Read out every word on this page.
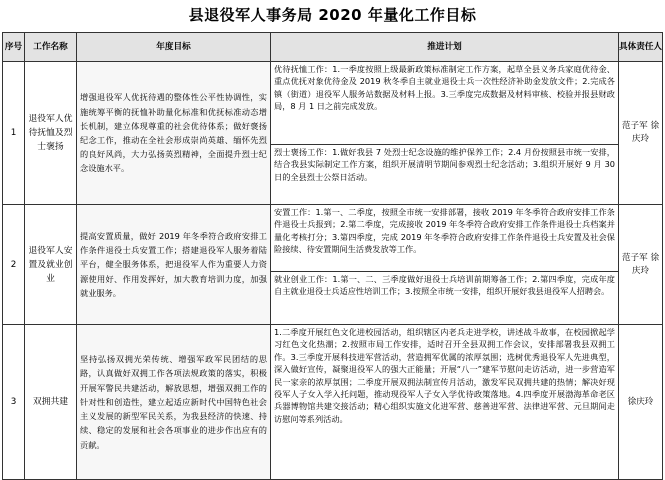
县退役军人事务局 2020 年量化工作目标
序号	工作名称	年度目标	推进计划	具体责任人
1	退役军人优待抚恤及烈士褒扬	增强退役军人优抚待遇的整体性公平性协调性，实施统筹平衡的抚恤补助量化标准和优抚标准动态增长机制，建立体现尊重的社会优待体系；做好褒扬纪念工作，推动在全社会形成崇尚英雄、缅怀先烈的良好风尚，大力弘扬英烈精神，全面提升烈士纪念设施水平。	优待抚恤工作：1.一季度按照上级最新政策标准制定工作方案，起草全县义务兵家庭优待金、重点优抚对象优待金及 2019 秋冬季自主就业退役士兵一次性经济补助金发放文件；2.完成各镇（街道）退役军人服务站数据及材料上报。3.三季度完成数据及材料审核、校验并报县财政局，8 月 1 日之前完成发放。
烈士褒扬工作：1.做好我县 7 处烈士纪念设施的维护保养工作；2.4 月份按照县市统一安排，结合我县实际制定工作方案，组织开展清明节期间参观烈士纪念活动；3.组织开展好 9 月 30 日的全县烈士公祭日活动。	范子军 徐庆玲
2	退役军人安置及就业创业	提高安置质量，做好 2019 年冬季符合政府安排工作条件退役士兵安置工作；搭建退役军人服务着陆平台，健全服务体系，把退役军人作为重要人力资源使用好、作用发挥好，加大教育培训力度，加强就业服务。	安置工作：1.第一、二季度，按照全市统一安排部署，接收 2019 年冬季符合政府安排工作条件退役士兵报到；2.第二季度，完成接收 2019 年冬季符合政府安排工作条件退役士兵档案并量化考核打分；3.第四季度，完成 2019 年冬季符合政府安排工作条件退役士兵安置及社会保险接续、待安置期间生活费发放等工作。
就业创业工作：1.第一、二、三季度做好退役士兵培训前期筹备工作；2.第四季度，完成年度自主就业退役士兵适应性培训工作；3.按照全市统一安排，组织开展好我县退役军人招聘会。	范子军 徐庆玲
3	双拥共建	坚持弘扬双拥光荣传统、增强军政军民团结的思路，认真做好双拥工作各项法规政策的落实，积极开展军警民共建活动，解放思想，增强双拥工作的针对性和创造性，建立起适应新时代中国特色社会主义发展的新型军民关系，为我县经济的快速、持续、稳定的发展和社会各项事业的进步作出应有的贡献。	1.二季度开展红色文化进校园活动，组织辖区内老兵走进学校，讲述战斗故事，在校园掀起学习红色文化热潮；2.按照市局工作安排，适时召开全县双拥工作会议，安排部署我县双拥工作。3.三季度开展科技进军营活动，营造拥军优属的浓厚氛围；选树优秀退役军人先进典型，深入做好宣传，凝聚退役军人的强大正能量；开展“八一”建军节慰问走访活动，进一步营造军民一家亲的浓厚氛围；二季度开展双拥法制宣传月活动，激发军民双拥共建的热情；解决好现役军人子女入学入托问题，推动现役军人子女入学优待政策落地。4.四季度开展渤海革命老区兵器博物馆共建交接活动；精心组织实施文化进军营、慈善进军营、法律进军营、元旦期间走访慰问等系列活动。	徐庆玲
